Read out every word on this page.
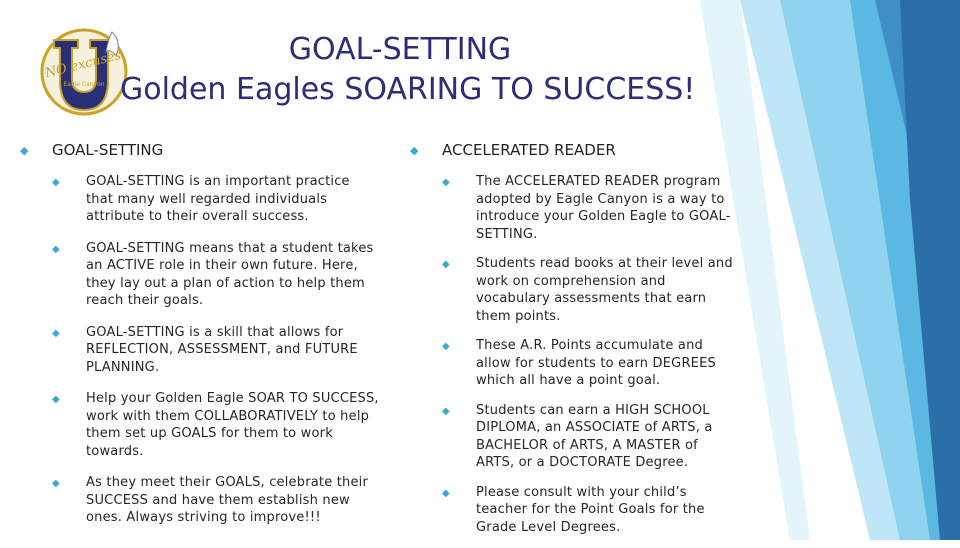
NO excuses
Eagle Canyon
GOAL-SETTING
Golden Eagles SOARING TO SUCCESS!
◆	GOAL-SETTING
◆	GOAL-SETTING is an important practice that many well regarded individuals attribute to their overall success.
◆	GOAL-SETTING means that a student takes an ACTIVE role in their own future. Here, they lay out a plan of action to help them reach their goals.
◆	GOAL-SETTING is a skill that allows for REFLECTION, ASSESSMENT, and FUTURE PLANNING.
◆	Help your Golden Eagle SOAR TO SUCCESS, work with them COLLABORATIVELY to help them set up GOALS for them to work towards.
◆	As they meet their GOALS, celebrate their SUCCESS and have them establish new ones. Always striving to improve!!!
◆	ACCELERATED READER
◆	The ACCELERATED READER program adopted by Eagle Canyon is a way to introduce your Golden Eagle to GOAL-SETTING.
◆	Students read books at their level and work on comprehension and vocabulary assessments that earn them points.
◆	These A.R. Points accumulate and allow for students to earn DEGREES which all have a point goal.
◆	Students can earn a HIGH SCHOOL DIPLOMA, an ASSOCIATE of ARTS, a BACHELOR of ARTS, A MASTER of ARTS, or a DOCTORATE Degree.
◆	Please consult with your child’s teacher for the Point Goals for the Grade Level Degrees.
